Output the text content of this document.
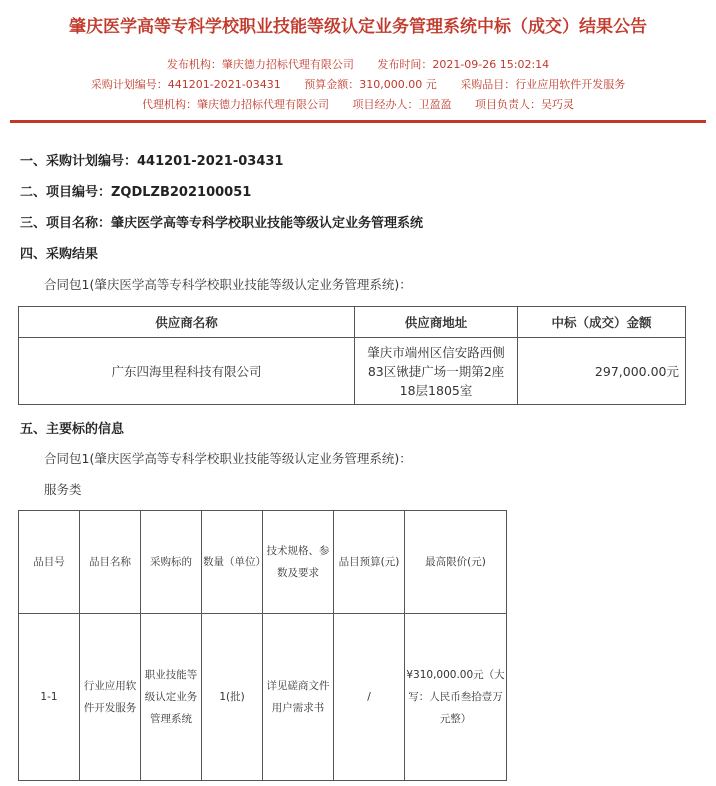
肇庆医学高等专科学校职业技能等级认定业务管理系统中标（成交）结果公告
发布机构：肇庆德力招标代理有限公司 发布时间：2021-09-26 15:02:14
采购计划编号：441201-2021-03431 预算金额：310,000.00 元 采购品目：行业应用软件开发服务
代理机构：肇庆德力招标代理有限公司 项目经办人：卫盈盈 项目负责人：吴巧灵
一、采购计划编号：441201-2021-03431
二、项目编号：ZQDLZB202100051
三、项目名称：肇庆医学高等专科学校职业技能等级认定业务管理系统
四、采购结果
合同包1(肇庆医学高等专科学校职业技能等级认定业务管理系统)：
供应商名称	供应商地址	中标（成交）金额
广东四海里程科技有限公司	肇庆市端州区信安路西侧83区锹捷广场一期第2座18层1805室	297,000.00元
五、主要标的信息
合同包1(肇庆医学高等专科学校职业技能等级认定业务管理系统)：
服务类
品目号	品目名称	采购标的	数量（单位）	技术规格、参数及要求	品目预算(元)	最高限价(元)
1-1	行业应用软件开发服务	职业技能等级认定业务管理系统	1(批)	详见磋商文件用户需求书	/	¥310,000.00元（大写：人民币叁拾壹万元整）
